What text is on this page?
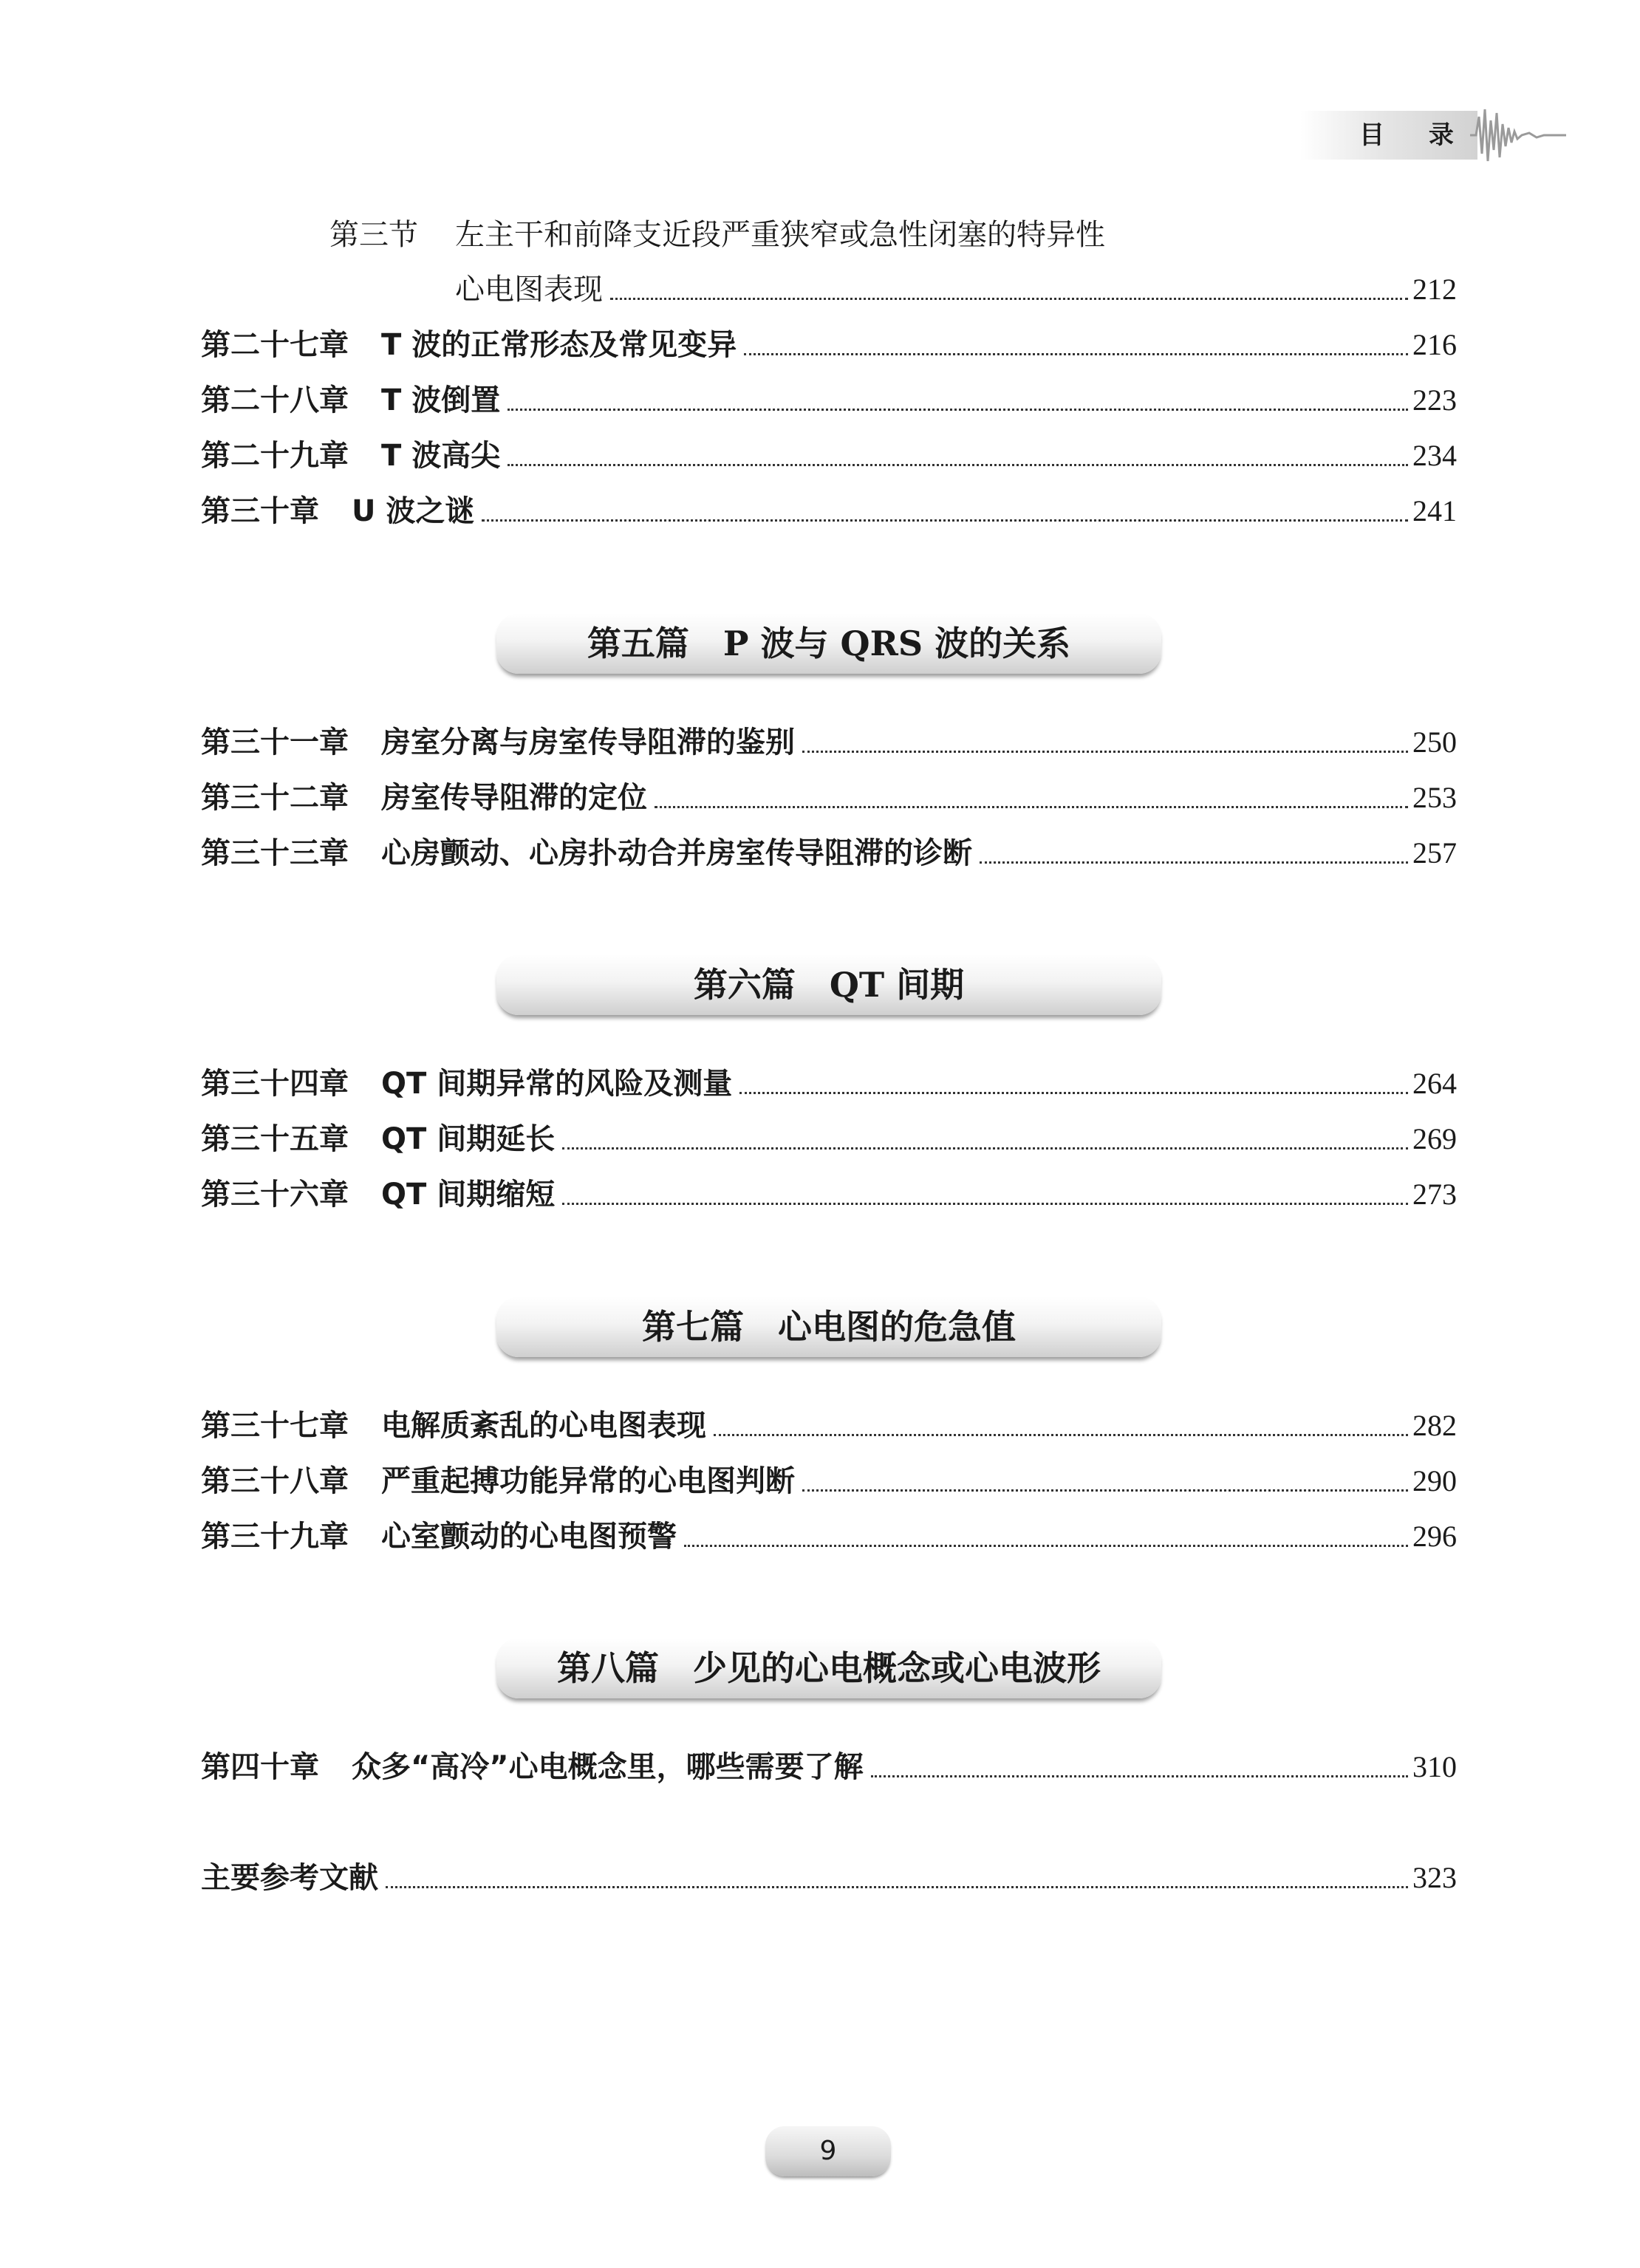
目 录
第三节 左主干和前降支近段严重狭窄或急性闭塞的特异性
心电图表现	212
第二十七章 T 波的正常形态及常见变异	216
第二十八章 T 波倒置	223
第二十九章 T 波高尖	234
第三十章 U 波之谜	241
第五篇　P 波与 QRS 波的关系
第三十一章 房室分离与房室传导阻滞的鉴别	250
第三十二章 房室传导阻滞的定位	253
第三十三章 心房颤动、心房扑动合并房室传导阻滞的诊断	257
第六篇　QT 间期
第三十四章 QT 间期异常的风险及测量	264
第三十五章 QT 间期延长	269
第三十六章 QT 间期缩短	273
第七篇　心电图的危急值
第三十七章 电解质紊乱的心电图表现	282
第三十八章 严重起搏功能异常的心电图判断	290
第三十九章 心室颤动的心电图预警	296
第八篇　少见的心电概念或心电波形
第四十章 众多“高冷”心电概念里，哪些需要了解	310
主要参考文献	323
9
